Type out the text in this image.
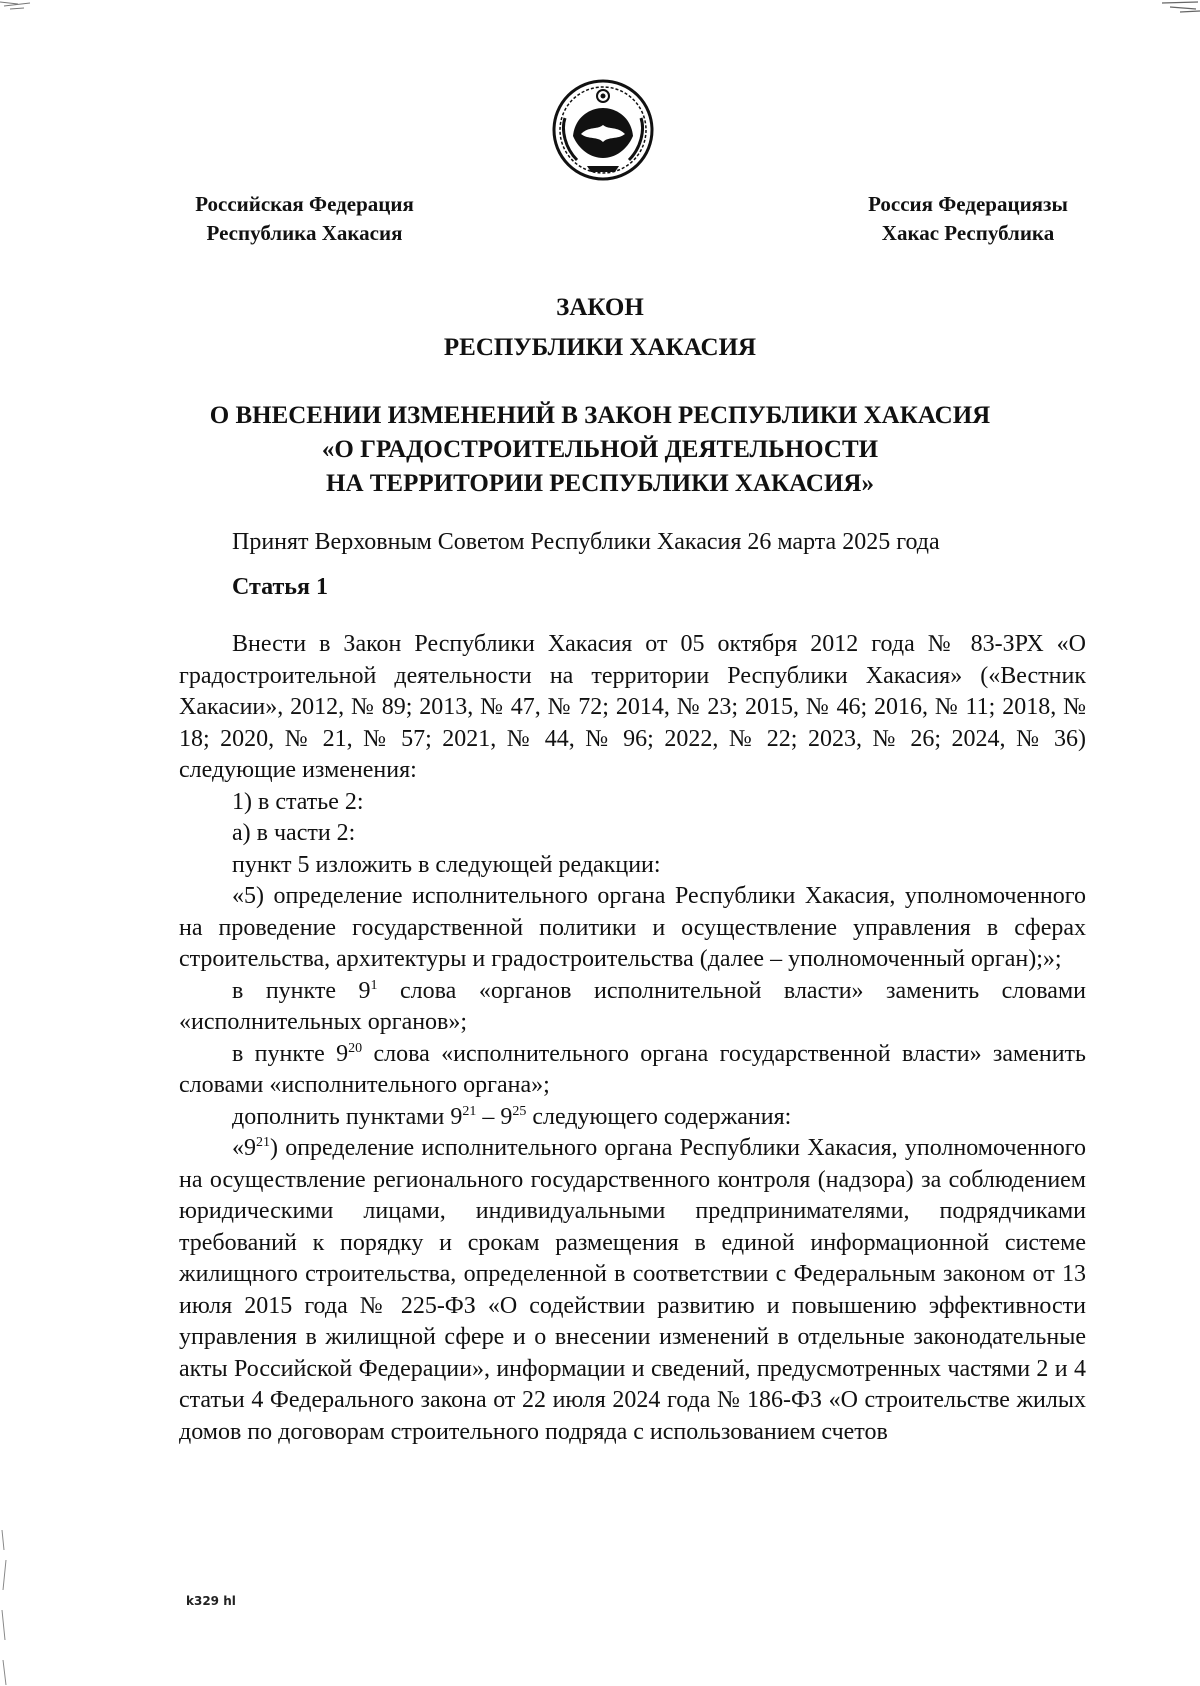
Российская Федерация
Республика Хакасия
Россия Федерациязы
Хакас Республика
ЗАКОН
РЕСПУБЛИКИ ХАКАСИЯ
О ВНЕСЕНИИ ИЗМЕНЕНИЙ В ЗАКОН РЕСПУБЛИКИ ХАКАСИЯ
«О ГРАДОСТРОИТЕЛЬНОЙ ДЕЯТЕЛЬНОСТИ
НА ТЕРРИТОРИИ РЕСПУБЛИКИ ХАКАСИЯ»

Принят Верховным Советом Республики Хакасия 26 марта 2025 года

Статья 1

Внести в Закон Республики Хакасия от 05 октября 2012 года № 83-ЗРХ «О градостроительной деятельности на территории Республики Хакасия» («Вестник Хакасии», 2012, № 89; 2013, № 47, № 72; 2014, № 23; 2015, № 46; 2016, № 11; 2018, № 18; 2020, № 21, № 57; 2021, № 44, № 96; 2022, № 22; 2023, № 26; 2024, № 36) следующие изменения:

1) в статье 2:

а) в части 2:

пункт 5 изложить в следующей редакции:

«5) определение исполнительного органа Республики Хакасия, уполномоченного на проведение государственной политики и осуществление управления в сферах строительства, архитектуры и градостроительства (далее – уполномоченный орган);»;

в пункте $9^1$ слова «органов исполнительной власти» заменить словами «исполнительных органов»;

в пункте $9^{20}$ слова «исполнительного органа государственной власти» заменить словами «исполнительного органа»;

дополнить пунктами $9^{21} - 9^{25}$ следующего содержания:

«$9^{21}$) определение исполнительного органа Республики Хакасия, уполномоченного на осуществление регионального государственного контроля (надзора) за соблюдением юридическими лицами, индивидуальными предпринимателями, подрядчиками требований к порядку и срокам размещения в единой информационной системе жилищного строительства, определенной в соответствии с Федеральным законом от 13 июля 2015 года № 225-ФЗ «О содействии развитию и повышению эффективности управления в жилищной сфере и о внесении изменений в отдельные законодательные акты Российской Федерации», информации и сведений, предусмотренных частями 2 и 4 статьи 4 Федерального закона от 22 июля 2024 года № 186-ФЗ «О строительстве жилых домов по договорам строительного подряда с использованием счетов

k329 hl
